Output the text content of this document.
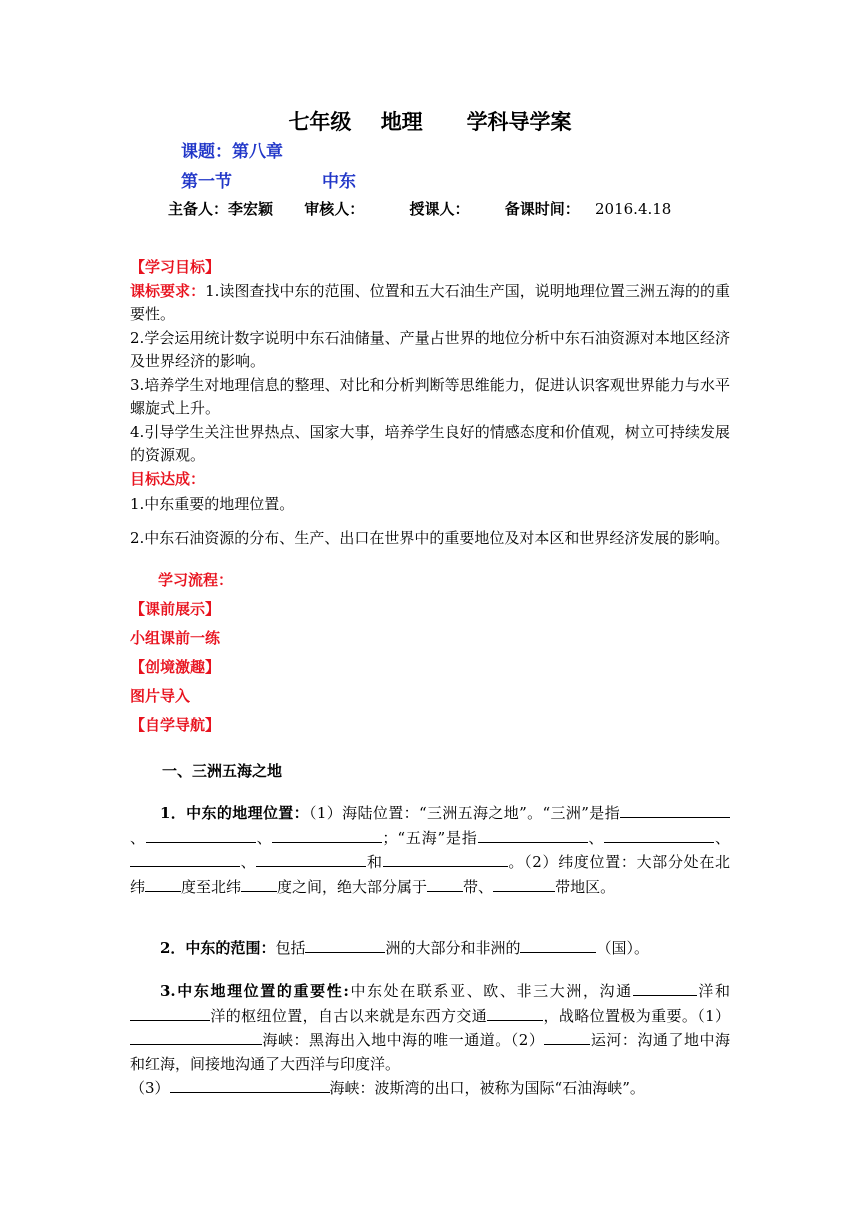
七年级 地理 学科导学案
课题：第八章
第一节	中东
主备人：李宏颖 审核人：	授课人： 备课时间： 2016.4.18
【学习目标】

课标要求：1.读图查找中东的范围、位置和五大石油生产国，说明地理位置三洲五海的的重要性。

2.学会运用统计数字说明中东石油储量、产量占世界的地位分析中东石油资源对本地区经济及世界经济的影响。

3.培养学生对地理信息的整理、对比和分析判断等思维能力，促进认识客观世界能力与水平螺旋式上升。

4.引导学生关注世界热点、国家大事，培养学生良好的情感态度和价值观，树立可持续发展的资源观。

目标达成：

1.中东重要的地理位置。

2.中东石油资源的分布、生产、出口在世界中的重要地位及对本区和世界经济发展的影响。

学习流程：
【课前展示】
小组课前一练
【创境激趣】
图片导入
【自学导航】
一、三洲五海之地

1．中东的地理位置：（1）海陆位置：“三洲五海之地”。“三洲”是指、	、	；“五海”是指	、	、、	和	。（2）纬度位置：大部分处在北纬 度至北纬 度之间，绝大部分属于 带、	带地区。

2．中东的范围：包括	洲的大部分和非洲的	（国）。

3.中东地理位置的重要性:中东处在联系亚、欧、非三大洲，沟通	洋和洋的枢纽位置，自古以来就是东西方交通	，战略位置极为重要。（1）海峡：黑海出入地中海的唯一通道。（2）	运河：沟通了地中海和红海，间接地沟通了大西洋与印度洋。

（3）	海峡：波斯湾的出口，被称为国际“石油海峡”。
